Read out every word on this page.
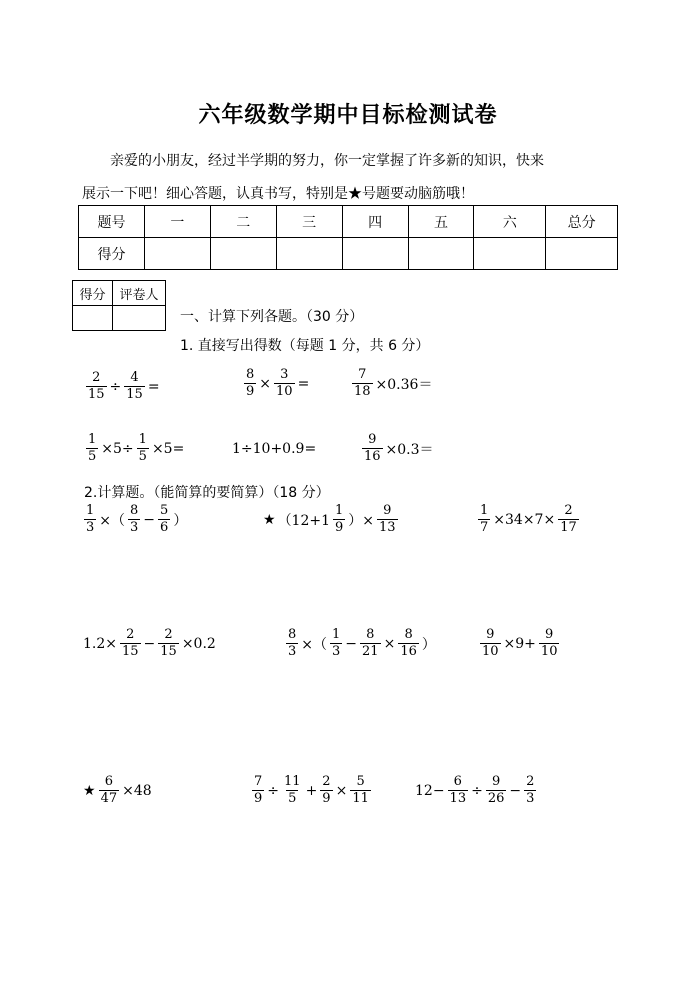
六年级数学期中目标检测试卷
亲爱的小朋友，经过半学期的努力，你一定掌握了许多新的知识，快来
展示一下吧！细心答题，认真书写，特别是★号题要动脑筋哦！
题号	一	二	三	四	五	六	总分
得分							
得分	评卷人

一、计算下列各题。（30 分）
1. 直接写出得数（每题 1 分，共 6 分）
$\frac{2}{15} \div \frac{4}{15}$ =	$\frac{8}{9} \times \frac{3}{10}$ =	$\frac{7}{18} \times 0.36=$
$\frac{1}{5} \times 5\div \frac{1}{5} \times 5=$	1÷10+0.9=	$\frac{9}{16} \times 0.3=$
2.计算题。（能简算的要简算）（18 分）
$\frac{1}{3}$ ×（ $\frac{8}{3} - \frac{5}{6}$ ）	★ （$12+1 \frac{1}{9}$ ）× $\frac{9}{13}$	$\frac{1}{7} \times 34\times 7\times \frac{2}{17}$
$1.2\times \frac{2}{15} - \frac{2}{15} \times 0.2$	$\frac{8}{3}$ ×（ $\frac{1}{3} - \frac{8}{21} \times \frac{8}{16}$ ）	$\frac{9}{10} \times 9+ \frac{9}{10}$
★ $\frac{6}{47} \times 48$	$\frac{7}{9} \div \frac{11}{5} + \frac{2}{9} \times \frac{5}{11}$	$12- \frac{6}{13} \div \frac{9}{26} - \frac{2}{3}$
